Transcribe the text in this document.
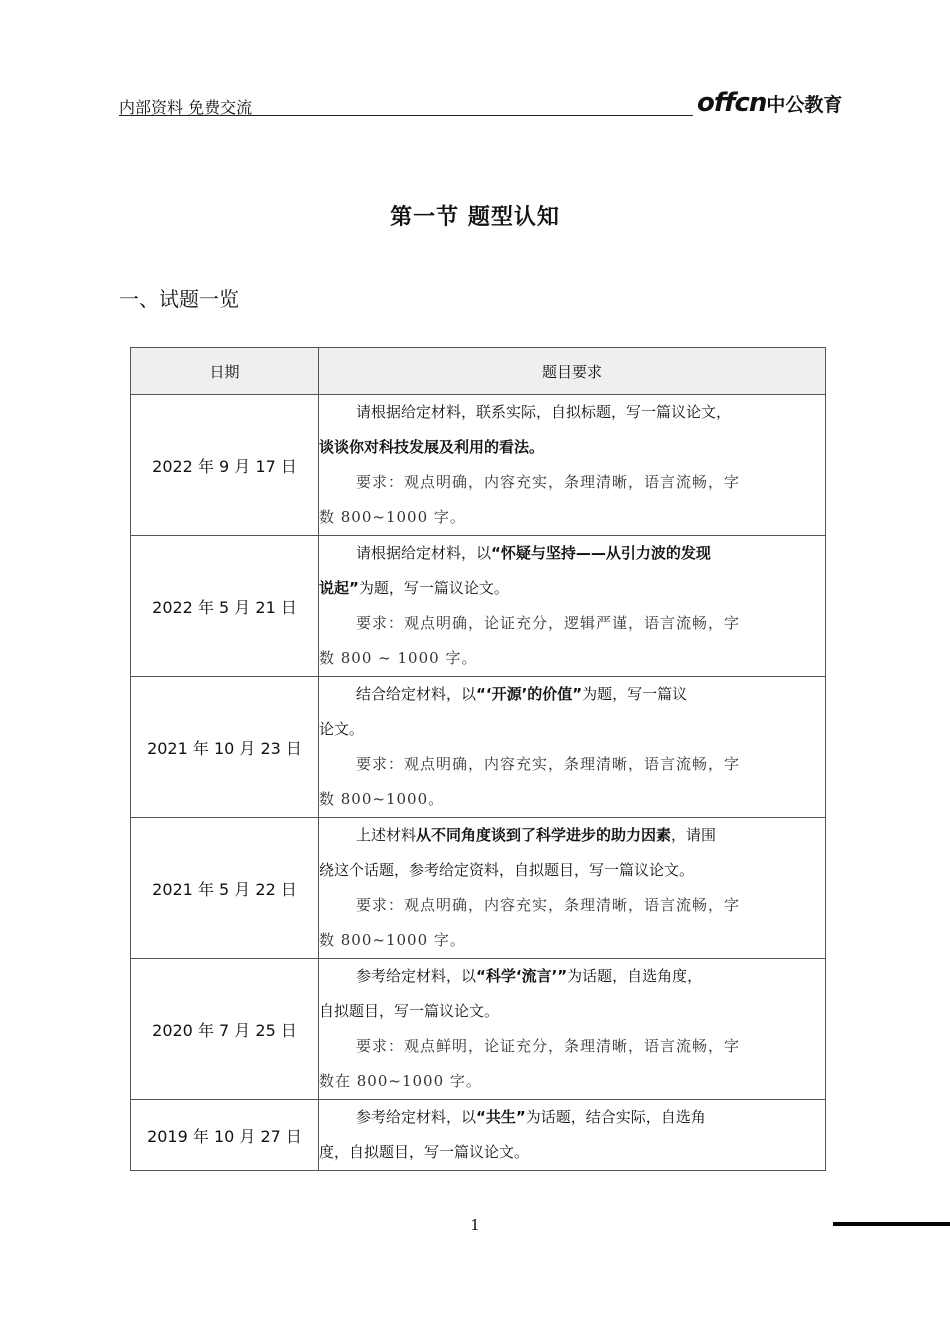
内部资料 免费交流	offcn中公教育
第一节 题型认知
一、试题一览
日期	题目要求
2022 年 9 月 17 日	请根据给定材料，联系实际，自拟标题，写一篇议论文，
谈谈你对科技发展及利用的看法。
要求：观点明确，内容充实，条理清晰，语言流畅，字
数 800~1000 字。

2022 年 5 月 21 日	请根据给定材料，以“怀疑与坚持——从引力波的发现
说起”为题，写一篇议论文。
要求：观点明确，论证充分，逻辑严谨，语言流畅，字
数 800 ~ 1000 字。

2021 年 10 月 23 日	结合给定材料，以“‘开源’的价值”为题，写一篇议
论文。
要求：观点明确，内容充实，条理清晰，语言流畅，字
数 800~1000。

2021 年 5 月 22 日	上述材料从不同角度谈到了科学进步的助力因素，请围
绕这个话题，参考给定资料，自拟题目，写一篇议论文。
要求：观点明确，内容充实，条理清晰，语言流畅，字
数 800~1000 字。

2020 年 7 月 25 日	参考给定材料，以“科学‘流言’”为话题，自选角度，
自拟题目，写一篇议论文。
要求：观点鲜明，论证充分，条理清晰，语言流畅，字
数在 800~1000 字。

2019 年 10 月 27 日	参考给定材料，以“共生”为话题，结合实际，自选角
度，自拟题目，写一篇议论文。
1
